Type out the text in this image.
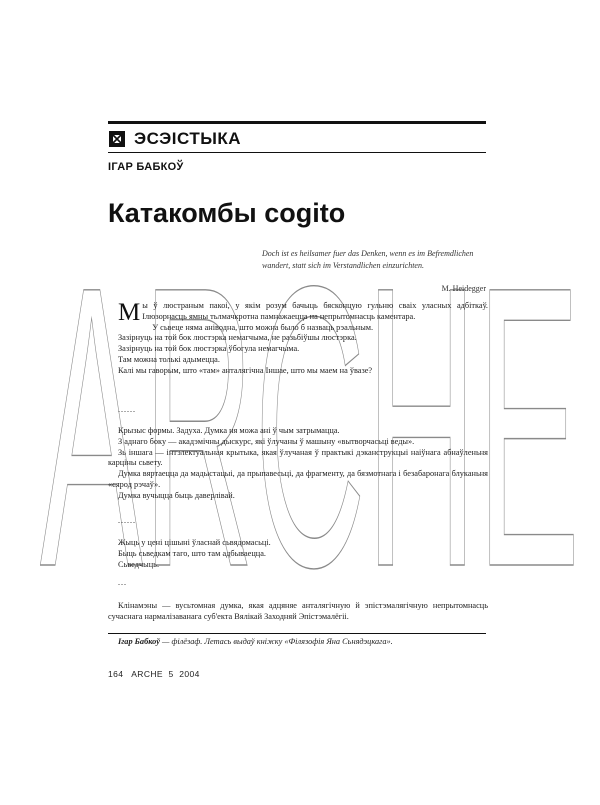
ARCHE
ЭСЭІСТЫКА
ІГАР БАБКОЎ
Катакомбы cogito
Doch ist es heilsamer fuer das Denken, wenn es im Befremdlichen wandert, statt sich im Verstandlichen einzurichten.
M. Heidegger

Мы ў люстраным пакоі, у якім розум бачыць бясконцую гульню сваіх уласных адбіткаў. Ілюзорнасць ямны тьлмачкротна памнажаецца на непрытомнасць каментара.

У сьвеце няма аніводна, што можна было б назваць рэальным.

Зазірнуць на той бок люстэрка немагчыма, не разьбіўшы люстэрка.

Зазірнуць на той бок люстэрка ўбогула немагчыма.

Там можна толькі адымецца.

Калі мы гаворым, што «там» анталягічна Іншае, што мы маем на ўвазе?

......

Крызыс формы. Задуха. Думка ня можа ані ў чым затрымацца.

З аднаго боку — акадэмічны дыскурс, які ўлучаны ў машыну «вытворчасьці веды».

Зь іншага — інтэлектуальная крытыка, якая ўлучаная ў практыкі дэканструкцыі наіўнага абнаўленьня карціны сьвету.

Думка вяртаецца да мадыстацыі, да прыпавесьці, да фрагменту, да бязмотнага і безабаронага блуканьня «сярод рэчаў».

Думка вучыцца быць даверлівай.

......

Жыць у цені цішыні ўласнай сьвядомасьці.

Быць сьведкам таго, што там адбываецца.

Сьведчыць.

...

Клінамэны — вусьтомная думка, якая адцяняе анталягічную й эпістэмалягічную непрытомнасць сучаснага нармалізаванага суб'екта Вялікай Заходняй Эпістэмалёгіі.

Ігар Бабкоў — філёзаф. Летась выдаў кніжку «Філязофія Яна Сьнядэцкага».
164 ARCHE 5 2004
